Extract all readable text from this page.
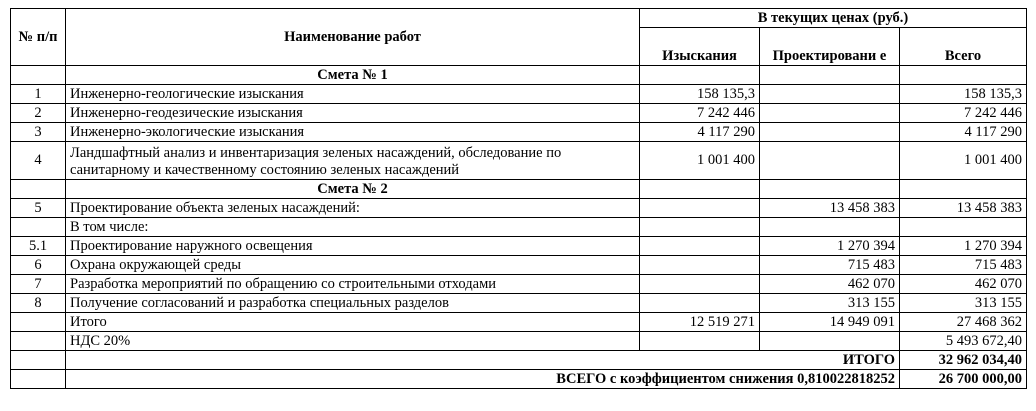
№ п/п	Наименование работ	В текущих ценах (руб.)		
		Изыскания	Проектировани е	Всего

	Смета № 1			
1	Инженерно-геологические изыскания	158 135,3		158 135,3
2	Инженерно-геодезические изыскания	7 242 446		7 242 446
3	Инженерно-экологические изыскания	4 117 290		4 117 290
4	Ландшафтный анализ и инвентаризация зеленых насаждений, обследование по санитарному и качественному состоянию зеленых насаждений	1 001 400		1 001 400
	Смета № 2			
5	Проектирование объекта зеленых насаждений:		13 458 383	13 458 383
	В том числе:			
5.1	Проектирование наружного освещения		1 270 394	1 270 394
6	Охрана окружающей среды		715 483	715 483
7	Разработка мероприятий по обращению со строительными отходами		462 070	462 070
8	Получение согласований и разработка специальных разделов		313 155	313 155
	Итого	12 519 271	14 949 091	27 468 362
	НДС 20%			5 493 672,40
	ИТОГО			32 962 034,40
	ВСЕГО с коэффициентом снижения 0,810022818252			26 700 000,00
